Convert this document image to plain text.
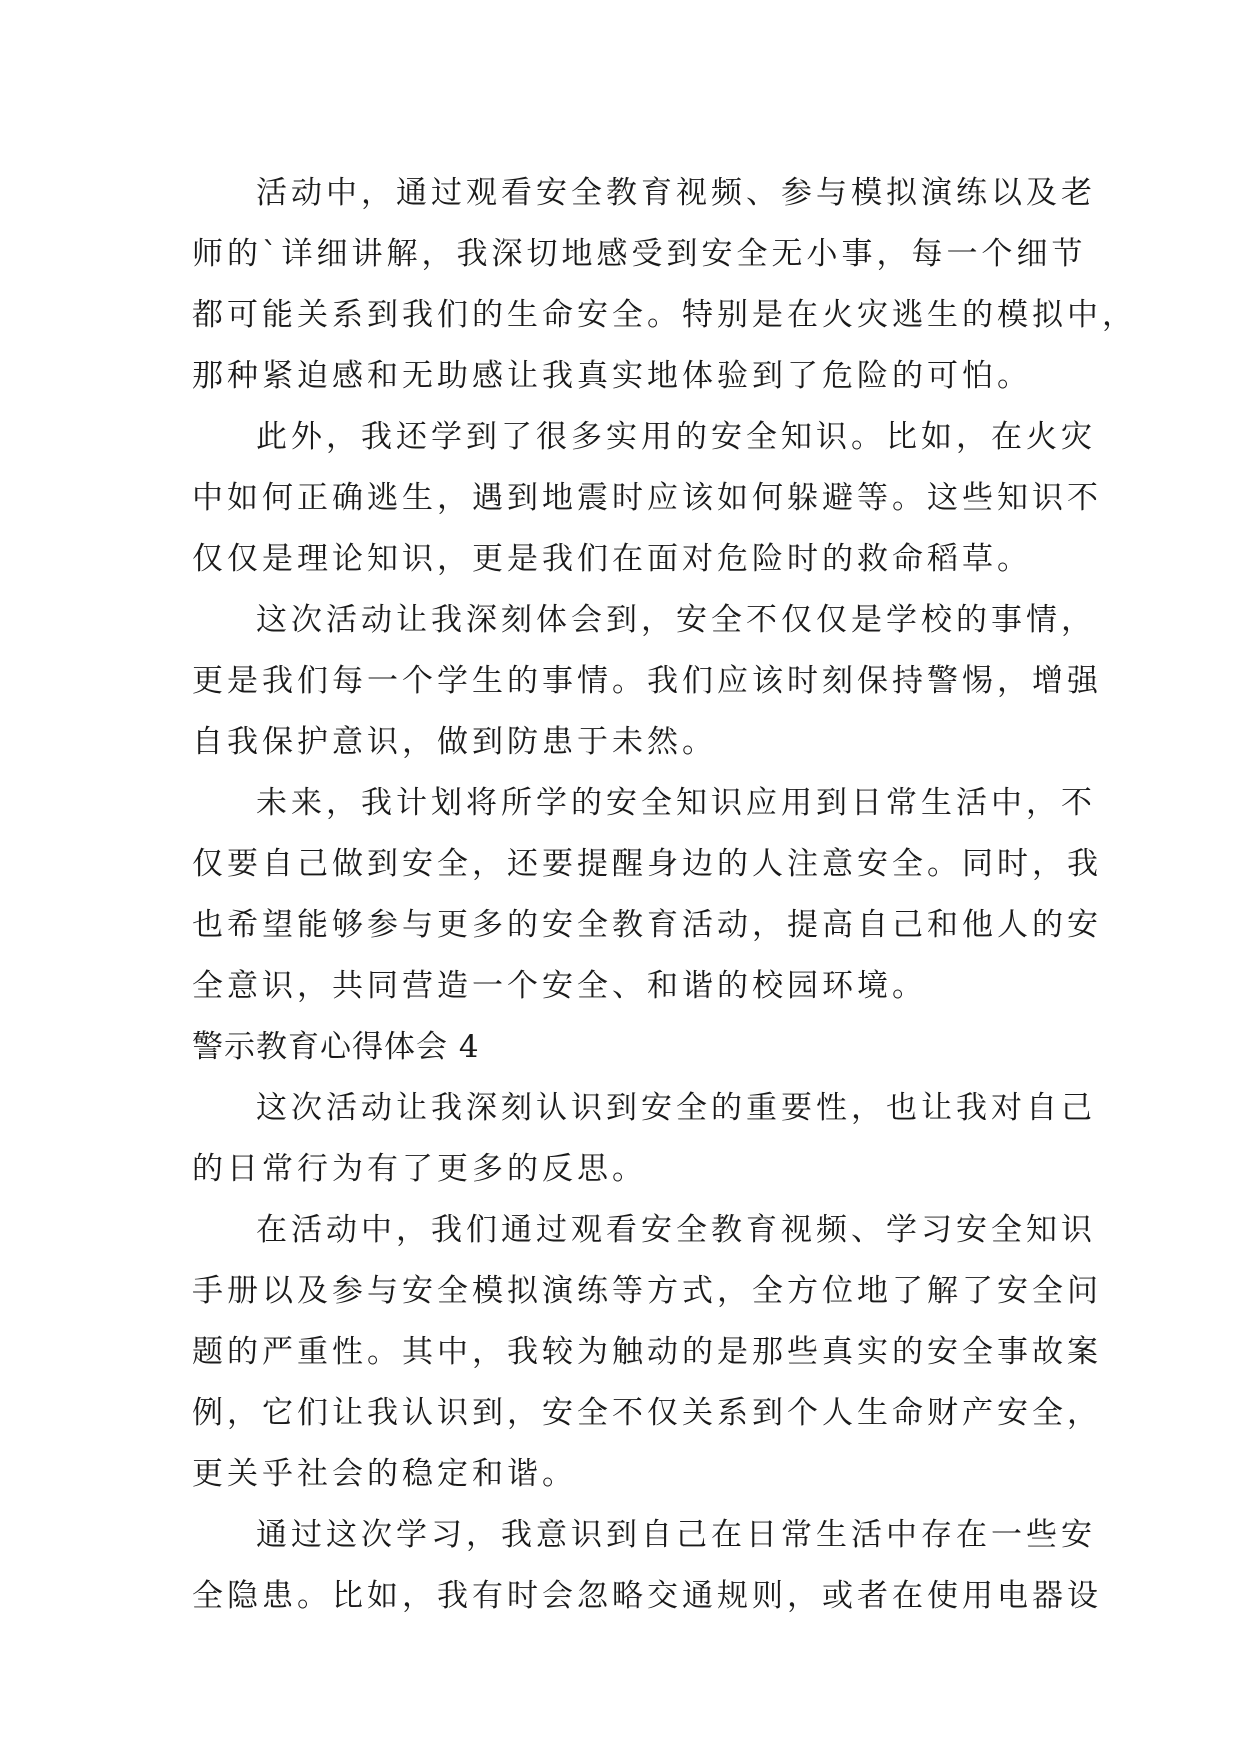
活动中，通过观看安全教育视频、参与模拟演练以及老
师的`详细讲解，我深切地感受到安全无小事，每一个细节
都可能关系到我们的生命安全。特别是在火灾逃生的模拟中，
那种紧迫感和无助感让我真实地体验到了危险的可怕。
此外，我还学到了很多实用的安全知识。比如，在火灾
中如何正确逃生，遇到地震时应该如何躲避等。这些知识不
仅仅是理论知识，更是我们在面对危险时的救命稻草。
这次活动让我深刻体会到，安全不仅仅是学校的事情，
更是我们每一个学生的事情。我们应该时刻保持警惕，增强
自我保护意识，做到防患于未然。
未来，我计划将所学的安全知识应用到日常生活中，不
仅要自己做到安全，还要提醒身边的人注意安全。同时，我
也希望能够参与更多的安全教育活动，提高自己和他人的安
全意识，共同营造一个安全、和谐的校园环境。
警示教育心得体会 4
这次活动让我深刻认识到安全的重要性，也让我对自己
的日常行为有了更多的反思。
在活动中，我们通过观看安全教育视频、学习安全知识
手册以及参与安全模拟演练等方式，全方位地了解了安全问
题的严重性。其中，我较为触动的是那些真实的安全事故案
例，它们让我认识到，安全不仅关系到个人生命财产安全，
更关乎社会的稳定和谐。
通过这次学习，我意识到自己在日常生活中存在一些安
全隐患。比如，我有时会忽略交通规则，或者在使用电器设
